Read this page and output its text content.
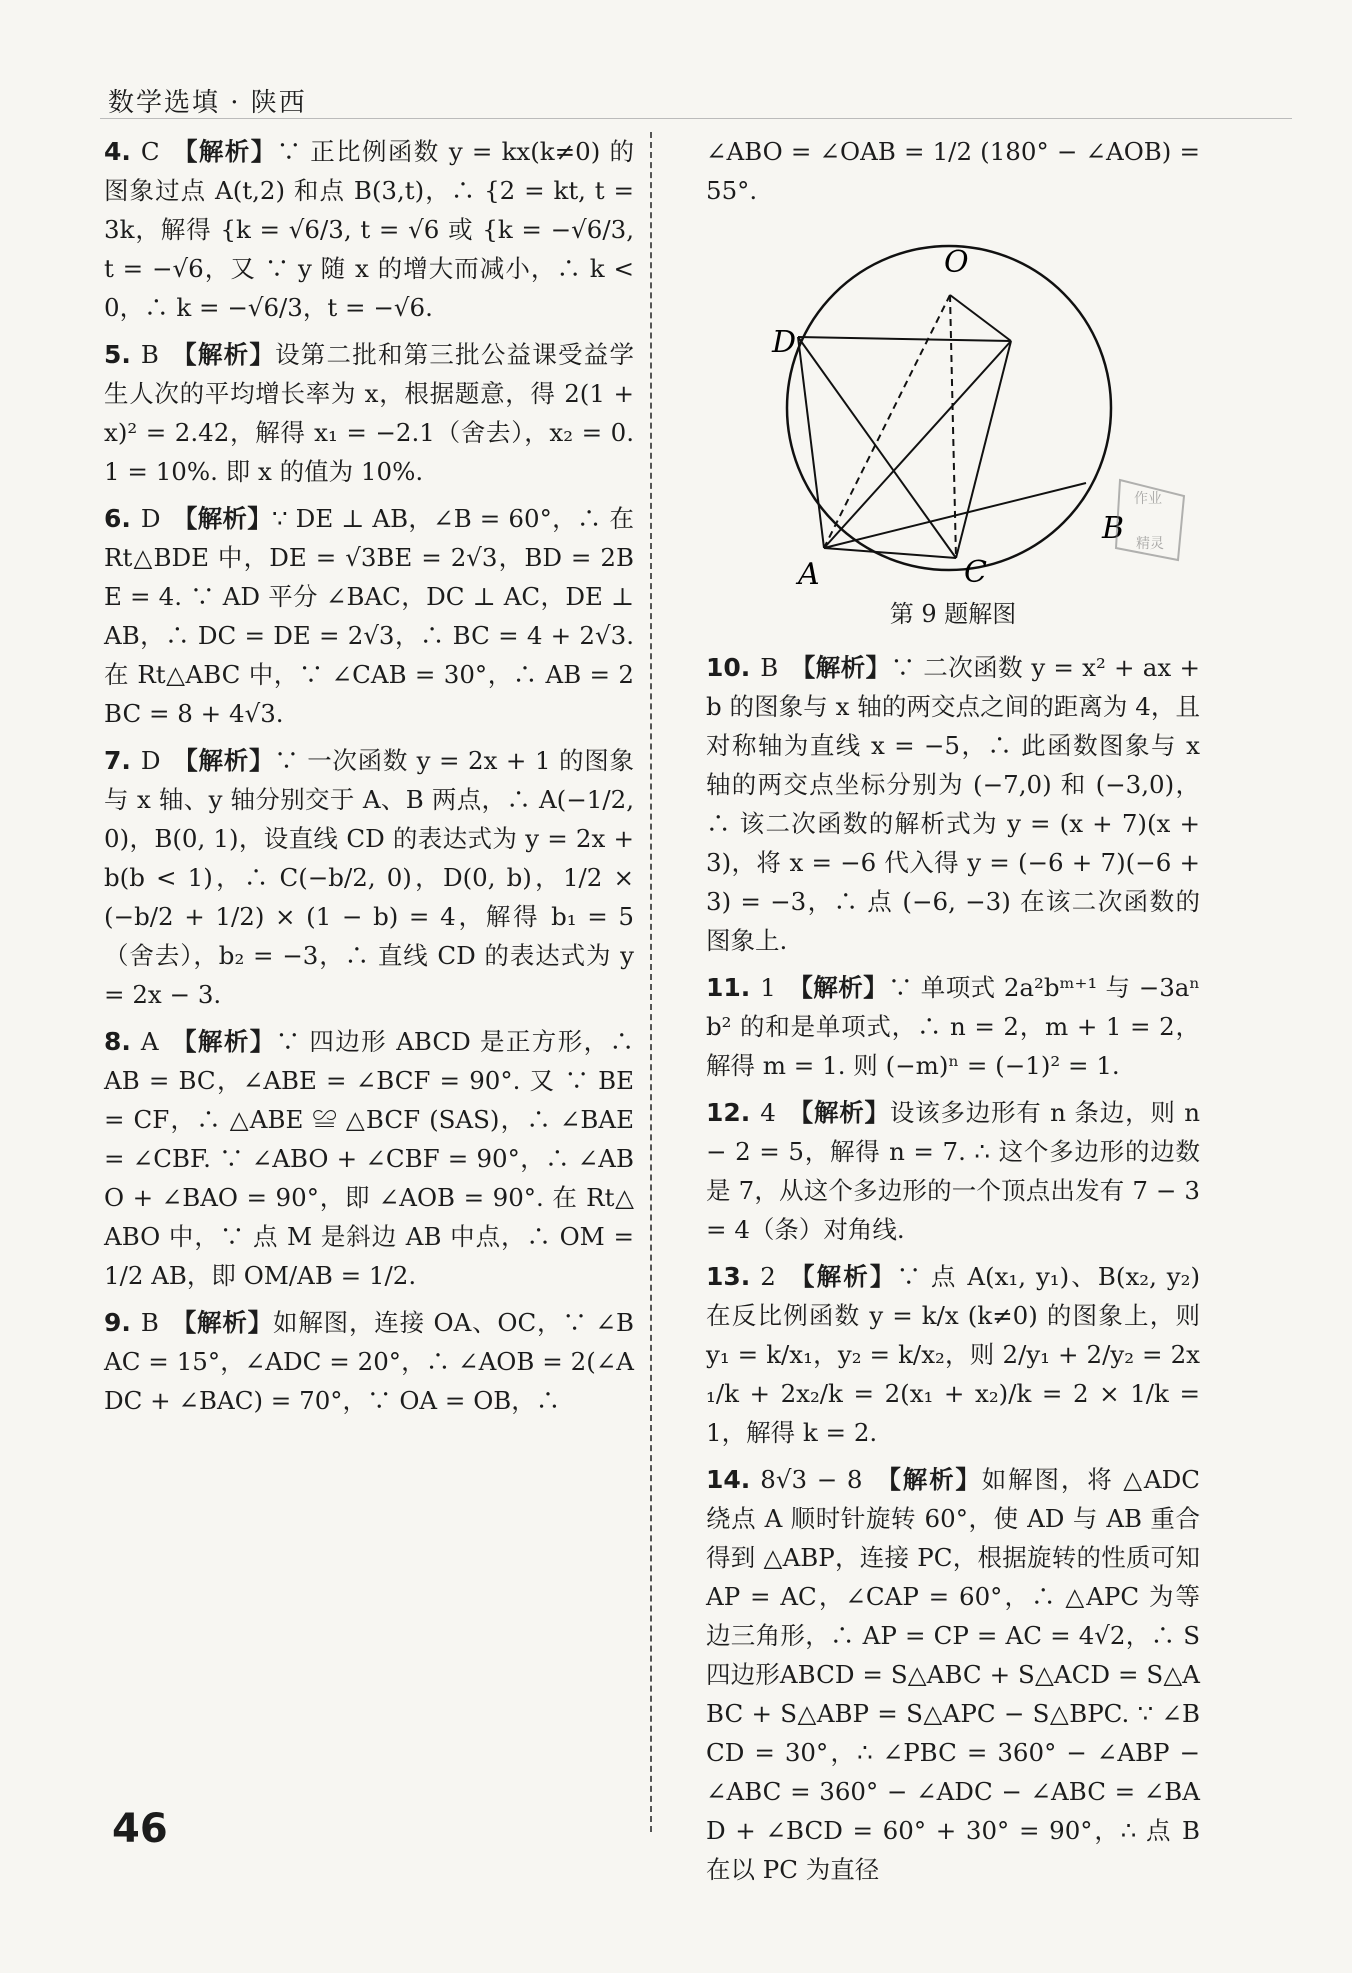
数学选填 · 陕西

4. C 【解析】∵ 正比例函数 y = kx(k≠0) 的图象过点 A(t,2) 和点 B(3,t)，∴ {2 = kt, t = 3k，解得 {k = √6/3, t = √6 或 {k = −√6/3, t = −√6，又 ∵ y 随 x 的增大而减小，∴ k < 0，∴ k = −√6/3，t = −√6.

5. B 【解析】设第二批和第三批公益课受益学生人次的平均增长率为 x，根据题意，得 2(1 + x)² = 2.42，解得 x₁ = −2.1（舍去），x₂ = 0.1 = 10%. 即 x 的值为 10%.

6. D 【解析】∵ DE ⊥ AB，∠B = 60°，∴ 在 Rt△BDE 中，DE = √3BE = 2√3，BD = 2BE = 4. ∵ AD 平分 ∠BAC，DC ⊥ AC，DE ⊥ AB，∴ DC = DE = 2√3，∴ BC = 4 + 2√3. 在 Rt△ABC 中，∵ ∠CAB = 30°，∴ AB = 2BC = 8 + 4√3.

7. D 【解析】∵ 一次函数 y = 2x + 1 的图象与 x 轴、y 轴分别交于 A、B 两点，∴ A(−1/2, 0)，B(0, 1)，设直线 CD 的表达式为 y = 2x + b(b < 1)，∴ C(−b/2, 0)，D(0, b)，1/2 × (−b/2 + 1/2) × (1 − b) = 4，解得 b₁ = 5（舍去），b₂ = −3，∴ 直线 CD 的表达式为 y = 2x − 3.

8. A 【解析】∵ 四边形 ABCD 是正方形，∴ AB = BC，∠ABE = ∠BCF = 90°. 又 ∵ BE = CF，∴ △ABE ≌ △BCF (SAS)，∴ ∠BAE = ∠CBF. ∵ ∠ABO + ∠CBF = 90°，∴ ∠ABO + ∠BAO = 90°，即 ∠AOB = 90°. 在 Rt△ABO 中，∵ 点 M 是斜边 AB 中点，∴ OM = 1/2 AB，即 OM/AB = 1/2.

9. B 【解析】如解图，连接 OA、OC，∵ ∠BAC = 15°，∠ADC = 20°，∴ ∠AOB = 2(∠ADC + ∠BAC) = 70°，∵ OA = OB，∴

∠ABO = ∠OAB = 1/2 (180° − ∠AOB) = 55°.

O
D
A	C
B
作业
精灵
第 9 题解图

10. B 【解析】∵ 二次函数 y = x² + ax + b 的图象与 x 轴的两交点之间的距离为 4，且对称轴为直线 x = −5，∴ 此函数图象与 x 轴的两交点坐标分别为 (−7,0) 和 (−3,0)，∴ 该二次函数的解析式为 y = (x + 7)(x + 3)，将 x = −6 代入得 y = (−6 + 7)(−6 + 3) = −3，∴ 点 (−6, −3) 在该二次函数的图象上.

11. 1 【解析】∵ 单项式 2a²bᵐ⁺¹ 与 −3aⁿb² 的和是单项式，∴ n = 2，m + 1 = 2，解得 m = 1. 则 (−m)ⁿ = (−1)² = 1.

12. 4 【解析】设该多边形有 n 条边，则 n − 2 = 5，解得 n = 7. ∴ 这个多边形的边数是 7，从这个多边形的一个顶点出发有 7 − 3 = 4（条）对角线.

13. 2 【解析】∵ 点 A(x₁, y₁)、B(x₂, y₂) 在反比例函数 y = k/x (k≠0) 的图象上，则 y₁ = k/x₁，y₂ = k/x₂，则 2/y₁ + 2/y₂ = 2x₁/k + 2x₂/k = 2(x₁ + x₂)/k = 2 × 1/k = 1，解得 k = 2.

14. 8√3 − 8 【解析】如解图，将 △ADC 绕点 A 顺时针旋转 60°，使 AD 与 AB 重合得到 △ABP，连接 PC，根据旋转的性质可知 AP = AC，∠CAP = 60°，∴ △APC 为等边三角形，∴ AP = CP = AC = 4√2，∴ S四边形ABCD = S△ABC + S△ACD = S△ABC + S△ABP = S△APC − S△BPC. ∵ ∠BCD = 30°，∴ ∠PBC = 360° − ∠ABP − ∠ABC = 360° − ∠ADC − ∠ABC = ∠BAD + ∠BCD = 60° + 30° = 90°，∴ 点 B 在以 PC 为直径

46
